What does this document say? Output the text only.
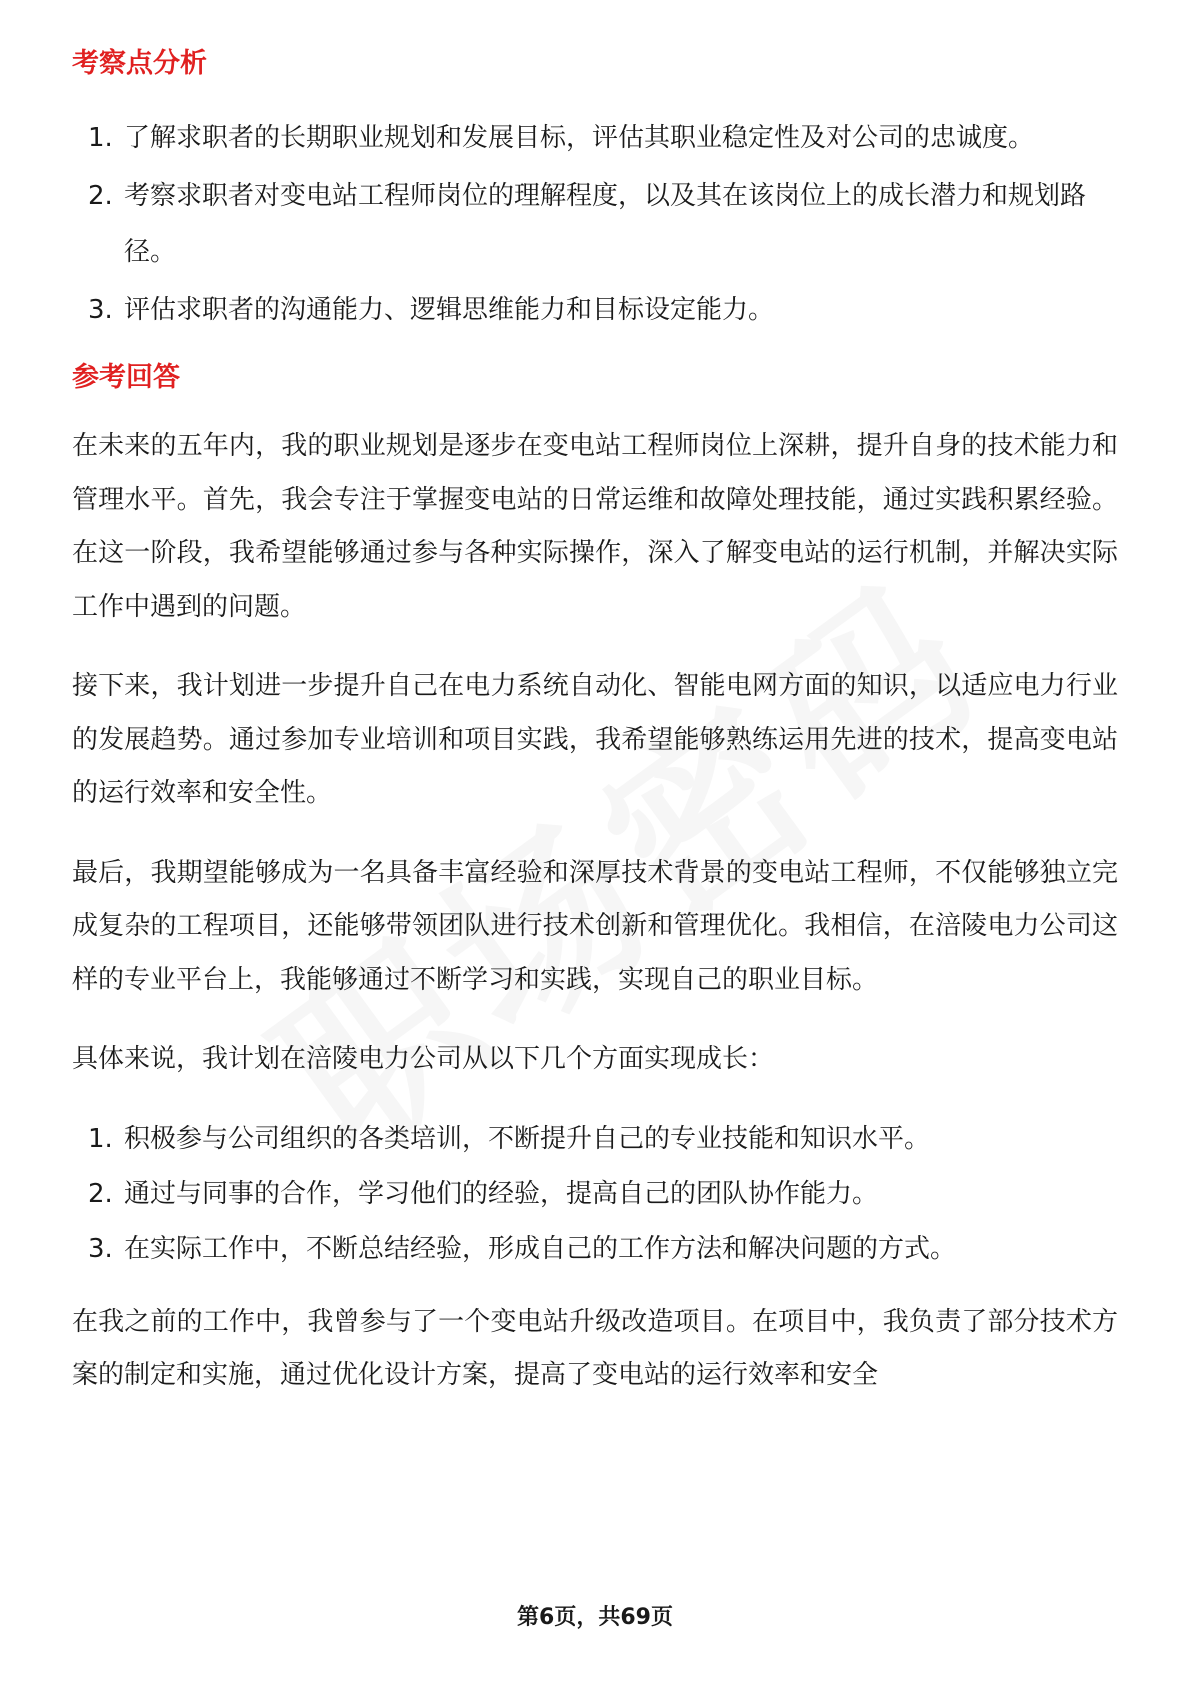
考察点分析
1. 了解求职者的长期职业规划和发展目标，评估其职业稳定性及对公司的忠诚度。
2. 考察求职者对变电站工程师岗位的理解程度，以及其在该岗位上的成长潜力和规划路径。
3. 评估求职者的沟通能力、逻辑思维能力和目标设定能力。
参考回答

在未来的五年内，我的职业规划是逐步在变电站工程师岗位上深耕，提升自身的技术能力和管理水平。首先，我会专注于掌握变电站的日常运维和故障处理技能，通过实践积累经验。在这一阶段，我希望能够通过参与各种实际操作，深入了解变电站的运行机制，并解决实际工作中遇到的问题。

接下来，我计划进一步提升自己在电力系统自动化、智能电网方面的知识，以适应电力行业的发展趋势。通过参加专业培训和项目实践，我希望能够熟练运用先进的技术，提高变电站的运行效率和安全性。

最后，我期望能够成为一名具备丰富经验和深厚技术背景的变电站工程师，不仅能够独立完成复杂的工程项目，还能够带领团队进行技术创新和管理优化。我相信，在涪陵电力公司这样的专业平台上，我能够通过不断学习和实践，实现自己的职业目标。

具体来说，我计划在涪陵电力公司从以下几个方面实现成长：

1. 积极参与公司组织的各类培训，不断提升自己的专业技能和知识水平。
2. 通过与同事的合作，学习他们的经验，提高自己的团队协作能力。
3. 在实际工作中，不断总结经验，形成自己的工作方法和解决问题的方式。

在我之前的工作中，我曾参与了一个变电站升级改造项目。在项目中，我负责了部分技术方案的制定和实施，通过优化设计方案，提高了变电站的运行效率和安全

第6页，共69页
